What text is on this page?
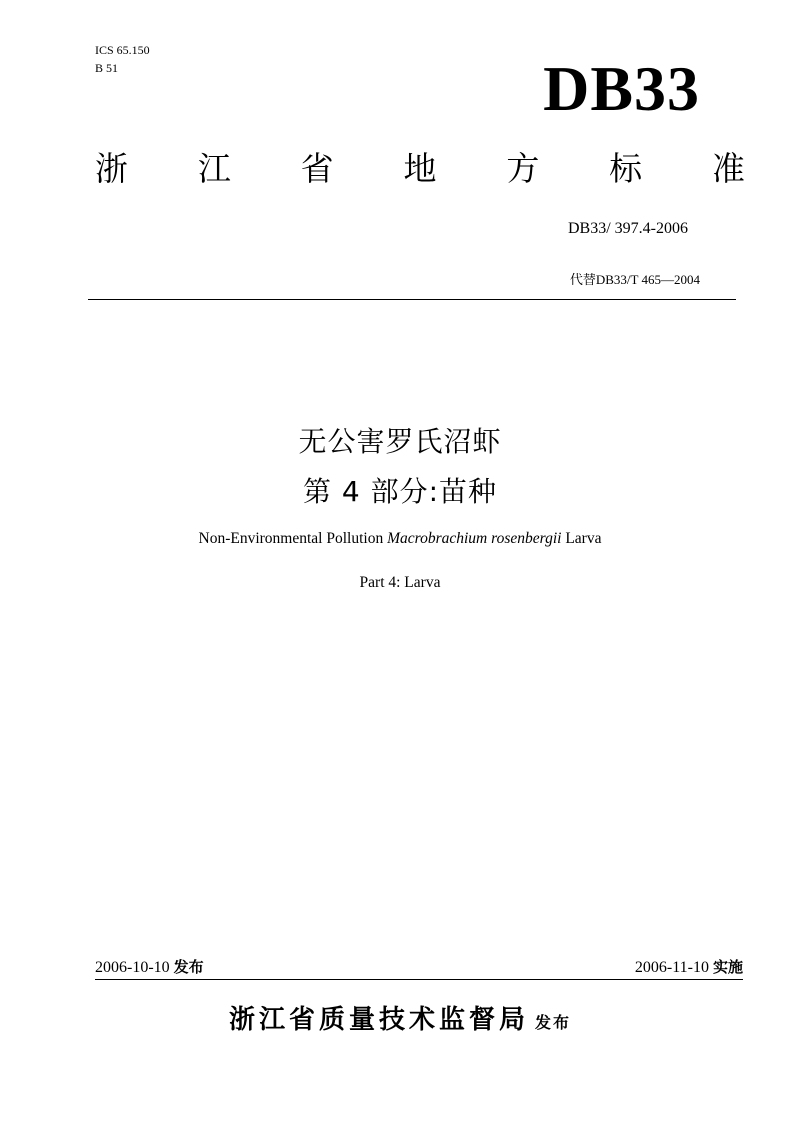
ICS 65.150
B 51	DB33
浙 江 省 地 方 标 准
DB33/ 397.4-2006
代替DB33/T 465—2004
无公害罗氏沼虾
第 4 部分:苗种
Non-Environmental Pollution Macrobrachium rosenbergii Larva
Part 4: Larva
2006-10-10 发布	2006-11-10 实施
浙江省质量技术监督局 发布
